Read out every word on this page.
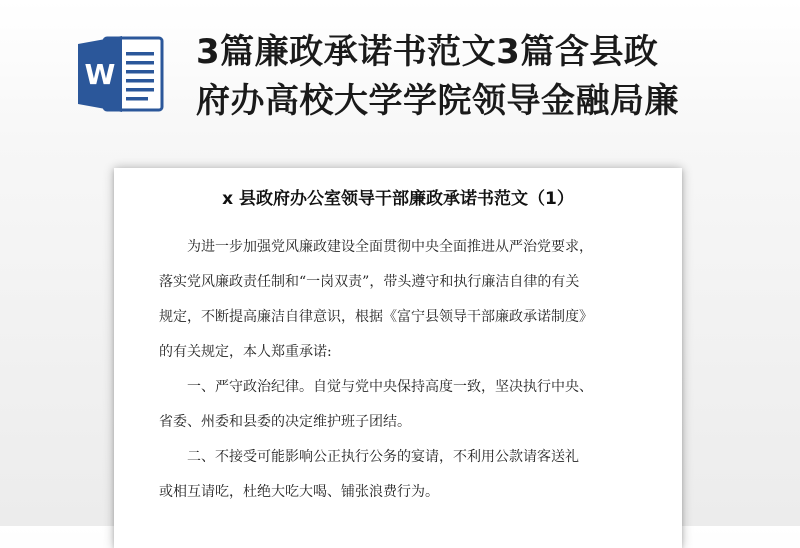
W
3篇廉政承诺书范文3篇含县政
府办高校大学学院领导金融局廉
x 县政府办公室领导干部廉政承诺书范文（1）
为进一步加强党风廉政建设全面贯彻中央全面推进从严治党要求，
落实党风廉政责任制和“一岗双责”，带头遵守和执行廉洁自律的有关
规定，不断提高廉洁自律意识，根据《富宁县领导干部廉政承诺制度》
的有关规定，本人郑重承诺:
一、严守政治纪律。自觉与党中央保持高度一致，坚决执行中央、
省委、州委和县委的决定维护班子团结。
二、不接受可能影响公正执行公务的宴请，不利用公款请客送礼
或相互请吃，杜绝大吃大喝、铺张浪费行为。
